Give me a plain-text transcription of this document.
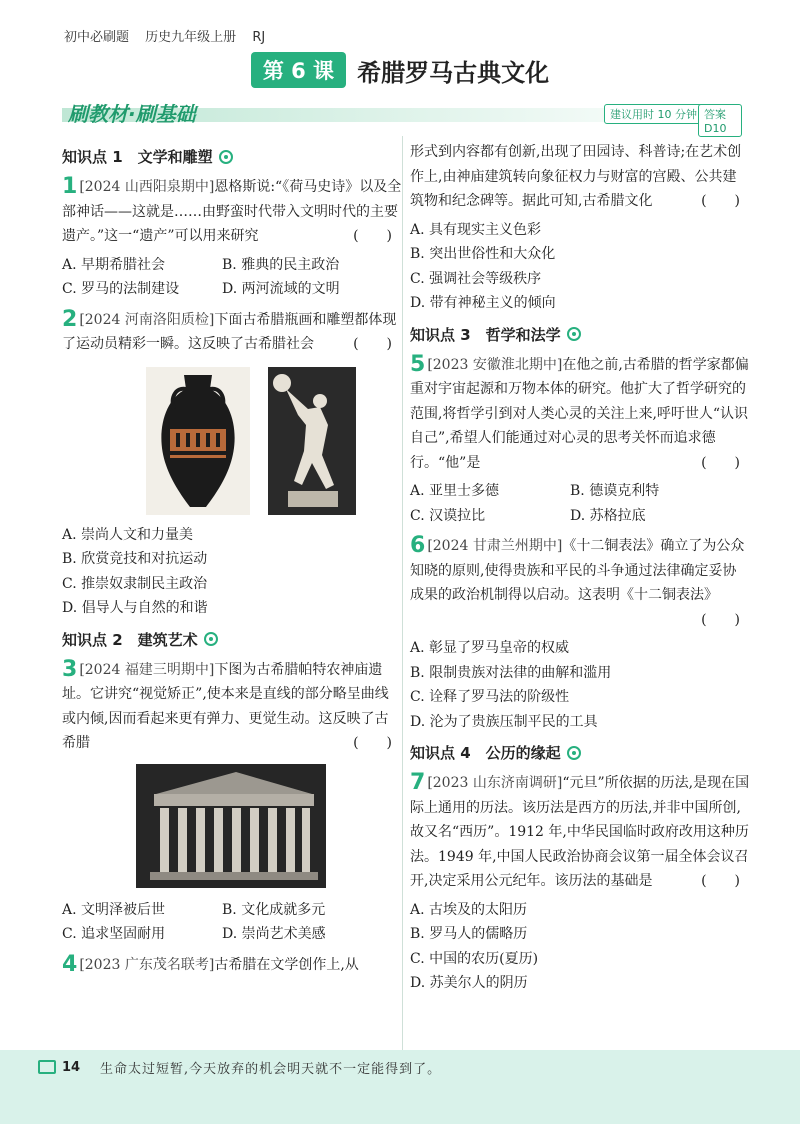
初中必刷题 历史九年级上册 RJ
第 6 课 希腊罗马古典文化
刷教材·刷基础	建议用时 10 分钟 答案 D10
知识点 1　文学和雕塑
1 [2024 山西阳泉期中]恩格斯说:“《荷马史诗》以及全部神话——这就是……由野蛮时代带入文明时代的主要遗产。”这一“遗产”可以用来研究	(　　)
A. 早期希腊社会	B. 雅典的民主政治
C. 罗马的法制建设	D. 两河流域的文明
2 [2024 河南洛阳质检]下面古希腊瓶画和雕塑都体现了运动员精彩一瞬。这反映了古希腊社会	(　　)
A. 崇尚人文和力量美
B. 欣赏竞技和对抗运动
C. 推崇奴隶制民主政治
D. 倡导人与自然的和谐
知识点 2　建筑艺术
3 [2024 福建三明期中]下图为古希腊帕特农神庙遗址。它讲究“视觉矫正”,使本来是直线的部分略呈曲线或内倾,因而看起来更有弹力、更觉生动。这反映了古希腊	(　　)
A. 文明泽被后世	B. 文化成就多元
C. 追求坚固耐用	D. 崇尚艺术美感
4 [2023 广东茂名联考]古希腊在文学创作上,从
形式到内容都有创新,出现了田园诗、科普诗;在艺术创作上,由神庙建筑转向象征权力与财富的宫殿、公共建筑物和纪念碑等。据此可知,古希腊文化	(　　)
A. 具有现实主义色彩
B. 突出世俗性和大众化
C. 强调社会等级秩序
D. 带有神秘主义的倾向
知识点 3　哲学和法学
5 [2023 安徽淮北期中]在他之前,古希腊的哲学家都偏重对宇宙起源和万物本体的研究。他扩大了哲学研究的范围,将哲学引到对人类心灵的关注上来,呼吁世人“认识自己”,希望人们能通过对心灵的思考关怀而追求德行。“他”是	(　　)
A. 亚里士多德	B. 德谟克利特
C. 汉谟拉比	D. 苏格拉底
6 [2024 甘肃兰州期中]《十二铜表法》确立了为公众知晓的原则,使得贵族和平民的斗争通过法律确定妥协成果的政治机制得以启动。这表明《十二铜表法》
(　　)
A. 彰显了罗马皇帝的权威
B. 限制贵族对法律的曲解和滥用
C. 诠释了罗马法的阶级性
D. 沦为了贵族压制平民的工具
知识点 4　公历的缘起
7 [2023 山东济南调研]“元旦”所依据的历法,是现在国际上通用的历法。该历法是西方的历法,并非中国所创,故又名“西历”。1912 年,中华民国临时政府改用这种历法。1949 年,中国人民政治协商会议第一届全体会议召开,决定采用公元纪年。该历法的基础是	(　　)
A. 古埃及的太阳历
B. 罗马人的儒略历
C. 中国的农历(夏历)
D. 苏美尔人的阴历
14 生命太过短暂,今天放弃的机会明天就不一定能得到了。
